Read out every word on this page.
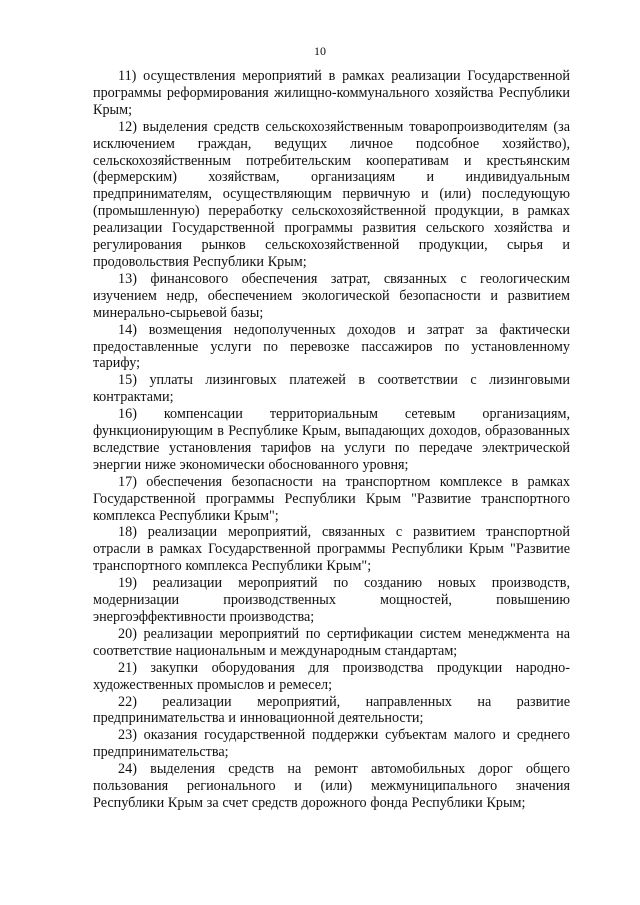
10

11) осуществления мероприятий в рамках реализации Государственной программы реформирования жилищно-коммунального хозяйства Республики Крым;

12) выделения средств сельскохозяйственным товаропроизводителям (за исключением граждан, ведущих личное подсобное хозяйство), сельскохозяйственным потребительским кооперативам и крестьянским (фермерским) хозяйствам, организациям и индивидуальным предпринимателям, осуществляющим первичную и (или) последующую (промышленную) переработку сельскохозяйственной продукции, в рамках реализации Государственной программы развития сельского хозяйства и регулирования рынков сельскохозяйственной продукции, сырья и продовольствия Республики Крым;

13) финансового обеспечения затрат, связанных с геологическим изучением недр, обеспечением экологической безопасности и развитием минерально-сырьевой базы;

14) возмещения недополученных доходов и затрат за фактически предоставленные услуги по перевозке пассажиров по установленному тарифу;

15) уплаты лизинговых платежей в соответствии с лизинговыми контрактами;

16) компенсации территориальным сетевым организациям, функционирующим в Республике Крым, выпадающих доходов, образованных вследствие установления тарифов на услуги по передаче электрической энергии ниже экономически обоснованного уровня;

17) обеспечения безопасности на транспортном комплексе в рамках Государственной программы Республики Крым "Развитие транспортного комплекса Республики Крым";

18) реализации мероприятий, связанных с развитием транспортной отрасли в рамках Государственной программы Республики Крым "Развитие транспортного комплекса Республики Крым";

19) реализации мероприятий по созданию новых производств, модернизации производственных мощностей, повышению энергоэффективности производства;

20) реализации мероприятий по сертификации систем менеджмента на соответствие национальным и международным стандартам;

21) закупки оборудования для производства продукции народно-художественных промыслов и ремесел;

22) реализации мероприятий, направленных на развитие предпринимательства и инновационной деятельности;

23) оказания государственной поддержки субъектам малого и среднего предпринимательства;

24) выделения средств на ремонт автомобильных дорог общего пользования регионального и (или) межмуниципального значения Республики Крым за счет средств дорожного фонда Республики Крым;
